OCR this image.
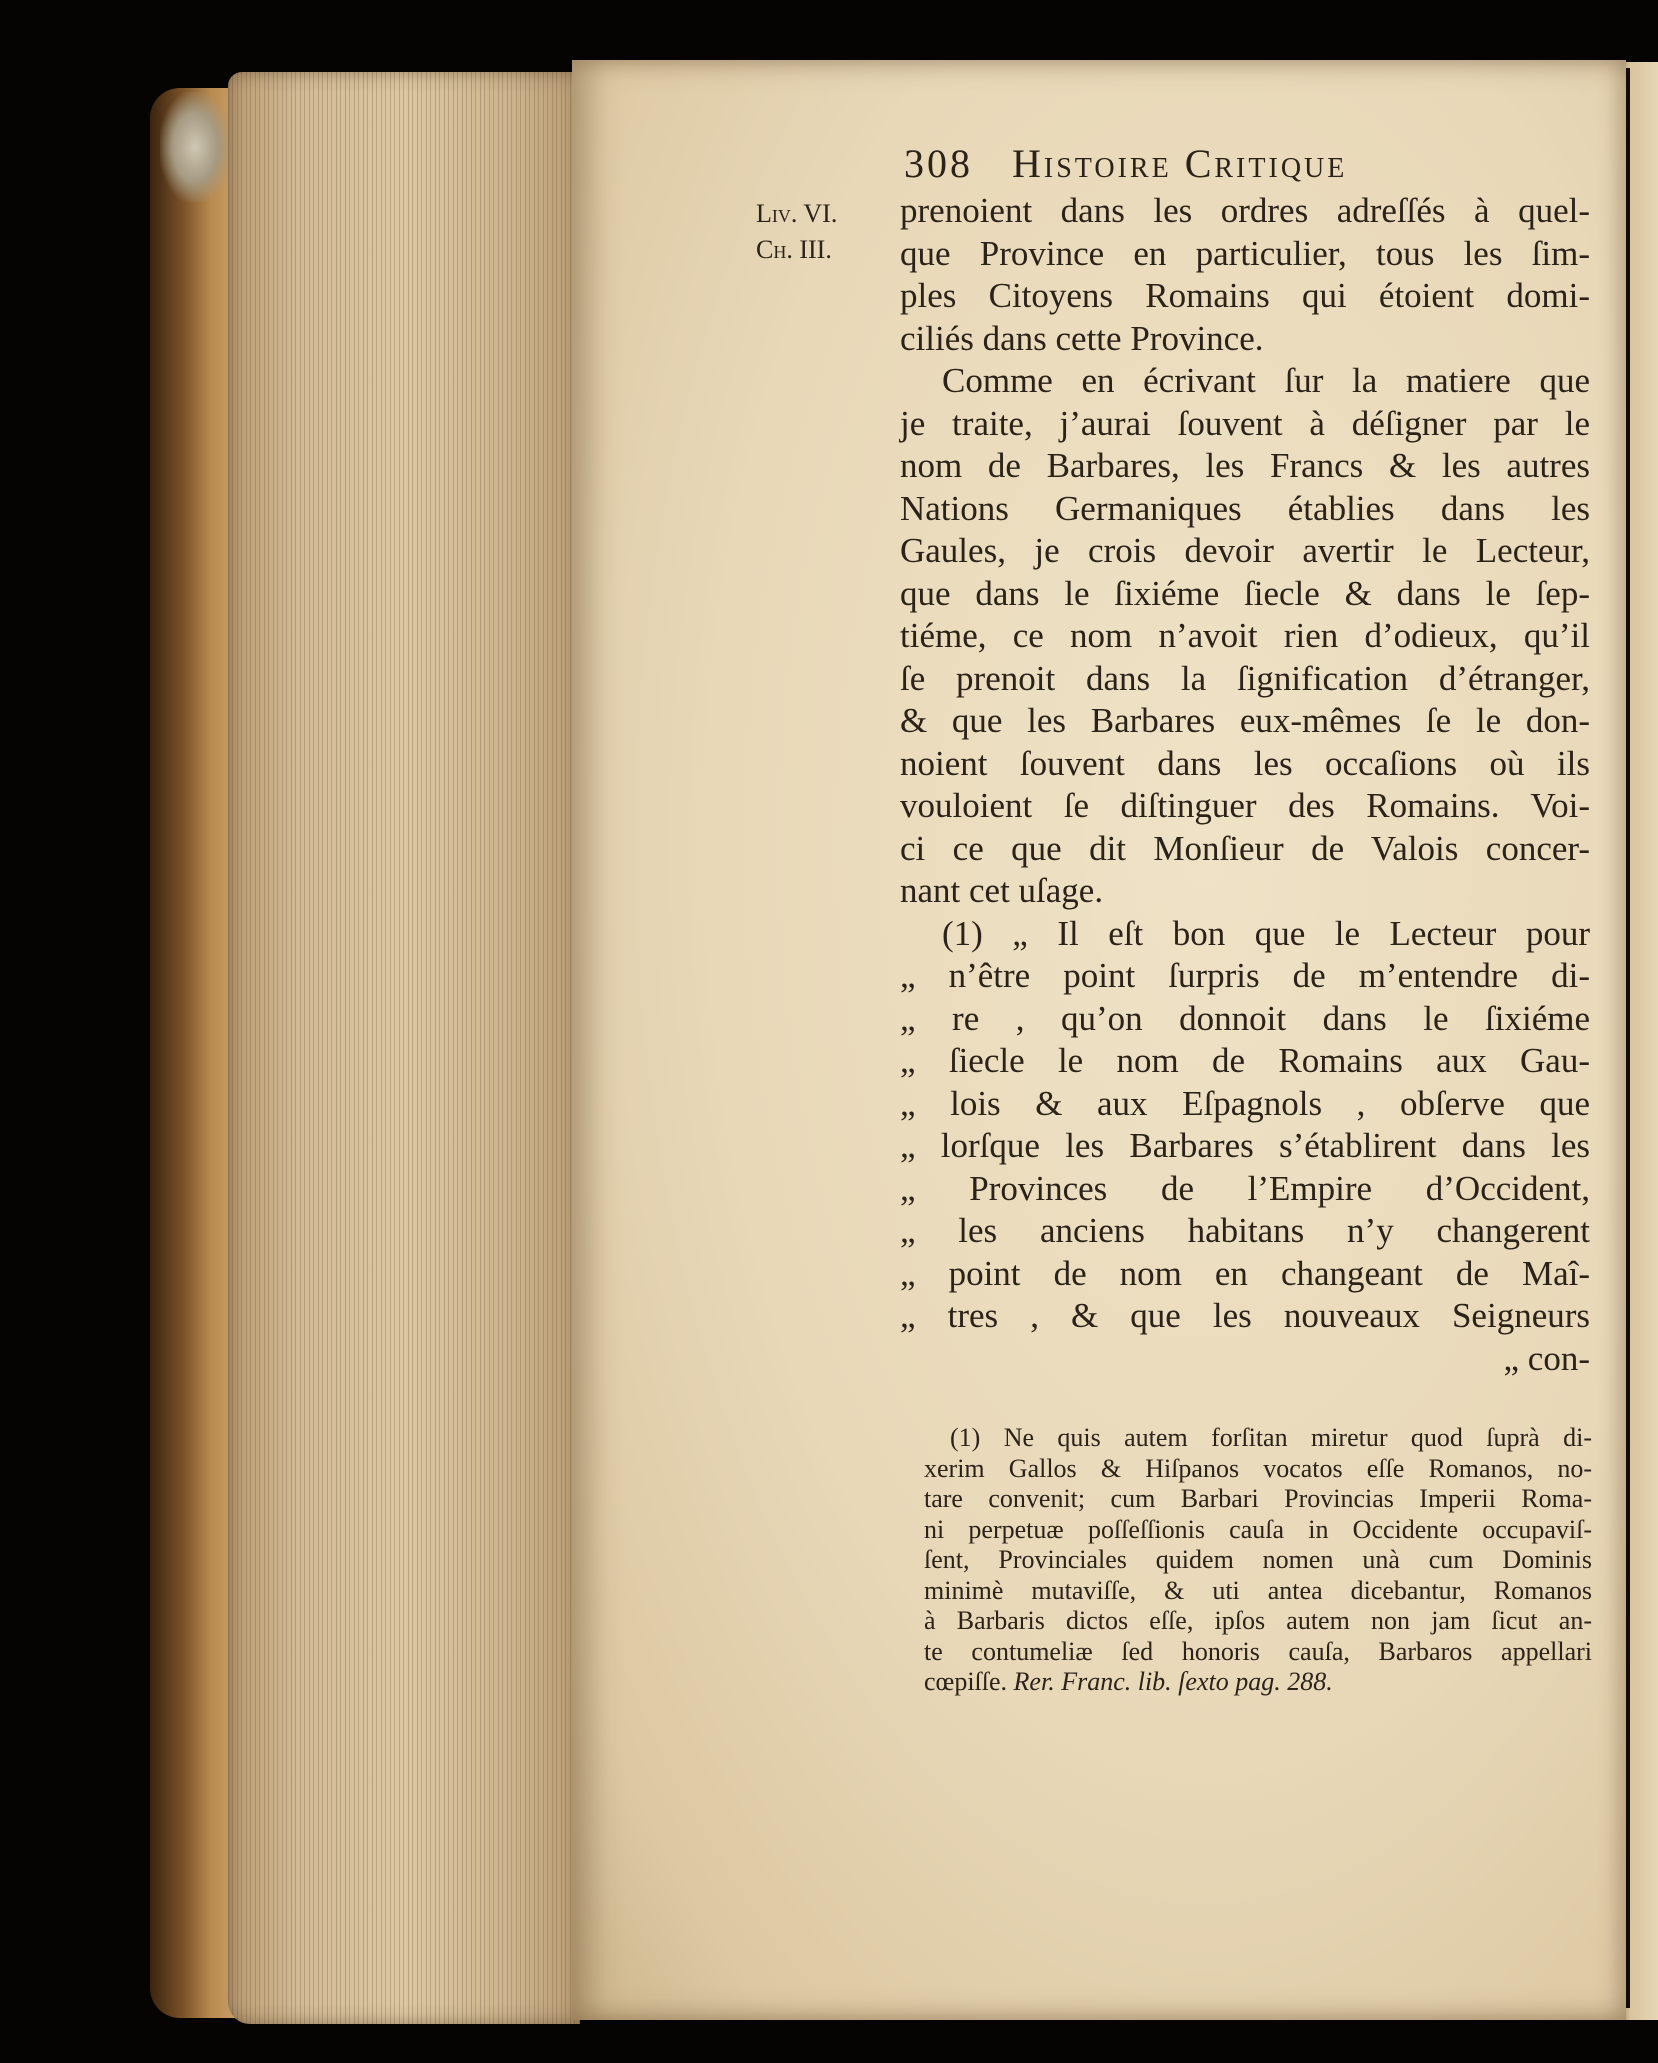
308 Histoire Critique
Liv. VI.
Ch. III.
prenoient dans les ordres adreſſés à quel-
que Province en particulier, tous les ſim-
ples Citoyens Romains qui étoient domi-
ciliés dans cette Province.
Comme en écrivant ſur la matiere que
je traite, j’aurai ſouvent à déſigner par le
nom de Barbares, les Francs & les autres
Nations Germaniques établies dans les
Gaules, je crois devoir avertir le Lecteur,
que dans le ſixiéme ſiecle & dans le ſep-
tiéme, ce nom n’avoit rien d’odieux, qu’il
ſe prenoit dans la ſignification d’étranger,
& que les Barbares eux-mêmes ſe le don-
noient ſouvent dans les occaſions où ils
vouloient ſe diſtinguer des Romains. Voi-
ci ce que dit Monſieur de Valois concer-
nant cet uſage.
(1) „ Il eſt bon que le Lecteur pour
„ n’être point ſurpris de m’entendre di-
„ re , qu’on donnoit dans le ſixiéme
„ ſiecle le nom de Romains aux Gau-
„ lois & aux Eſpagnols , obſerve que
„ lorſque les Barbares s’établirent dans les
„ Provinces de l’Empire d’Occident,
„ les anciens habitans n’y changerent
„ point de nom en changeant de Maî-
„ tres , & que les nouveaux Seigneurs
„ con-
(1) Ne quis autem forſitan miretur quod ſuprà di-
xerim Gallos & Hiſpanos vocatos eſſe Romanos, no-
tare convenit; cum Barbari Provincias Imperii Roma-
ni perpetuæ poſſeſſionis cauſa in Occidente occupaviſ-
ſent, Provinciales quidem nomen unà cum Dominis
minimè mutaviſſe, & uti antea dicebantur, Romanos
à Barbaris dictos eſſe, ipſos autem non jam ſicut an-
te contumeliæ ſed honoris cauſa, Barbaros appellari
cœpiſſe. Rer. Franc. lib. ſexto pag. 288.
